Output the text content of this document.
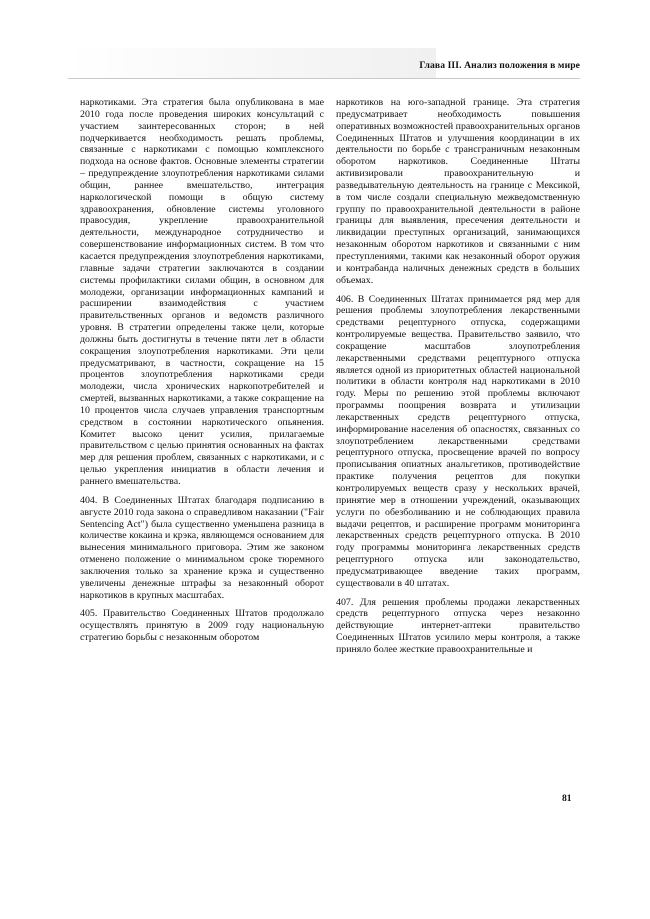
Глава III. Анализ положения в мире

наркотиками. Эта стратегия была опубликована в мае 2010 года после проведения широких консультаций с участием заинтересованных сторон; в ней подчеркивается необходимость решать проблемы, связанные с наркотиками с помощью комплексного подхода на основе фактов. Основные элементы стратегии – предупреждение злоупотребления наркотиками силами общин, раннее вмешательство, интеграция наркологической помощи в общую систему здравоохранения, обновление системы уголовного правосудия, укрепление правоохранительной деятельности, международное сотрудничество и совершенствование информационных систем. В том что касается предупреждения злоупотребления наркотиками, главные задачи стратегии заключаются в создании системы профилактики силами общин, в основном для молодежи, организации информационных кампаний и расширении взаимодействия с участием правительственных органов и ведомств различного уровня. В стратегии определены также цели, которые должны быть достигнуты в течение пяти лет в области сокращения злоупотребления наркотиками. Эти цели предусматривают, в частности, сокращение на 15 процентов злоупотребления наркотиками среди молодежи, числа хронических наркопотребителей и смертей, вызванных наркотиками, а также сокращение на 10 процентов числа случаев управления транспортным средством в состоянии наркотического опьянения. Комитет высоко ценит усилия, прилагаемые правительством с целью принятия основанных на фактах мер для решения проблем, связанных с наркотиками, и с целью укрепления инициатив в области лечения и раннего вмешательства.

404. В Соединенных Штатах благодаря подписанию в августе 2010 года закона о справедливом наказании ("Fair Sentencing Act") была существенно уменьшена разница в количестве кокаина и крэка, являющемся основанием для вынесения минимального приговора. Этим же законом отменено положение о минимальном сроке тюремного заключения только за хранение крэка и существенно увеличены денежные штрафы за незаконный оборот наркотиков в крупных масштабах.

405. Правительство Соединенных Штатов продолжало осуществлять принятую в 2009 году национальную стратегию борьбы с незаконным оборотом

наркотиков на юго-западной границе. Эта стратегия предусматривает необходимость повышения оперативных возможностей правоохранительных органов Соединенных Штатов и улучшения координации в их деятельности по борьбе с трансграничным незаконным оборотом наркотиков. Соединенные Штаты активизировали правоохранительную и разведывательную деятельность на границе с Мексикой, в том числе создали специальную межведомственную группу по правоохранительной деятельности в районе границы для выявления, пресечения деятельности и ликвидации преступных организаций, занимающихся незаконным оборотом наркотиков и связанными с ним преступлениями, такими как незаконный оборот оружия и контрабанда наличных денежных средств в больших объемах.

406. В Соединенных Штатах принимается ряд мер для решения проблемы злоупотребления лекарственными средствами рецептурного отпуска, содержащими контролируемые вещества. Правительство заявило, что сокращение масштабов злоупотребления лекарственными средствами рецептурного отпуска является одной из приоритетных областей национальной политики в области контроля над наркотиками в 2010 году. Меры по решению этой проблемы включают программы поощрения возврата и утилизации лекарственных средств рецептурного отпуска, информирование населения об опасностях, связанных со злоупотреблением лекарственными средствами рецептурного отпуска, просвещение врачей по вопросу прописывания опиатных анальгетиков, противодействие практике получения рецептов для покупки контролируемых веществ сразу у нескольких врачей, принятие мер в отношении учреждений, оказывающих услуги по обезболиванию и не соблюдающих правила выдачи рецептов, и расширение программ мониторинга лекарственных средств рецептурного отпуска. В 2010 году программы мониторинга лекарственных средств рецептурного отпуска или законодательство, предусматривающее введение таких программ, существовали в 40 штатах.

407. Для решения проблемы продажи лекарственных средств рецептурного отпуска через незаконно действующие интернет-аптеки правительство Соединенных Штатов усилило меры контроля, а также приняло более жесткие правоохранительные и

81
